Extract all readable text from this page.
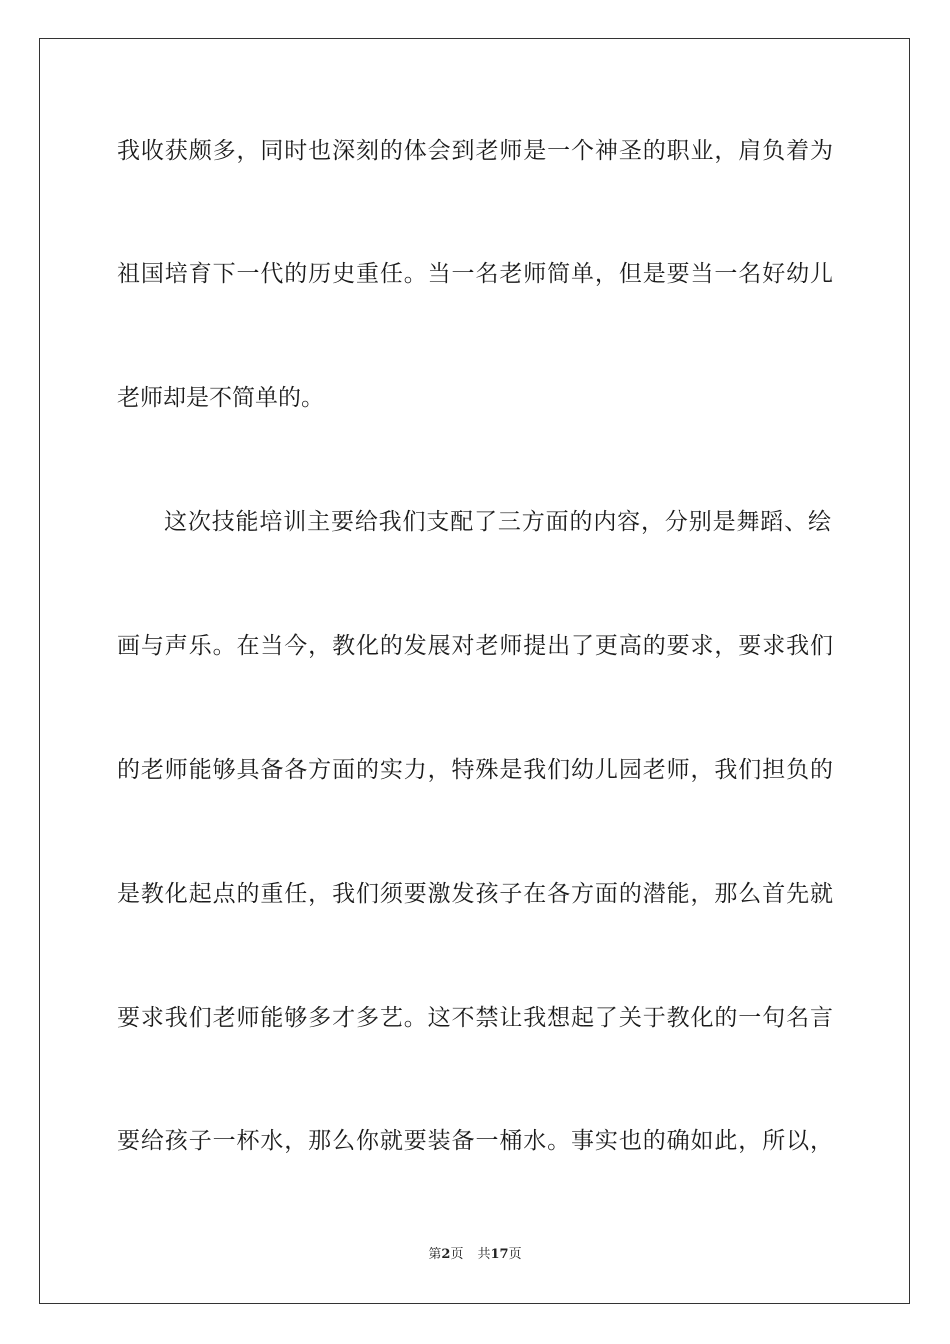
我收获颇多，同时也深刻的体会到老师是一个神圣的职业，肩负着为
祖国培育下一代的历史重任。当一名老师简单，但是要当一名好幼儿
老师却是不简单的。
这次技能培训主要给我们支配了三方面的内容，分别是舞蹈、绘
画与声乐。在当今，教化的发展对老师提出了更高的要求，要求我们
的老师能够具备各方面的实力，特殊是我们幼儿园老师，我们担负的
是教化起点的重任，我们须要激发孩子在各方面的潜能，那么首先就
要求我们老师能够多才多艺。这不禁让我想起了关于教化的一句名言
要给孩子一杯水，那么你就要装备一桶水。事实也的确如此，所以，
第2页 共17页
